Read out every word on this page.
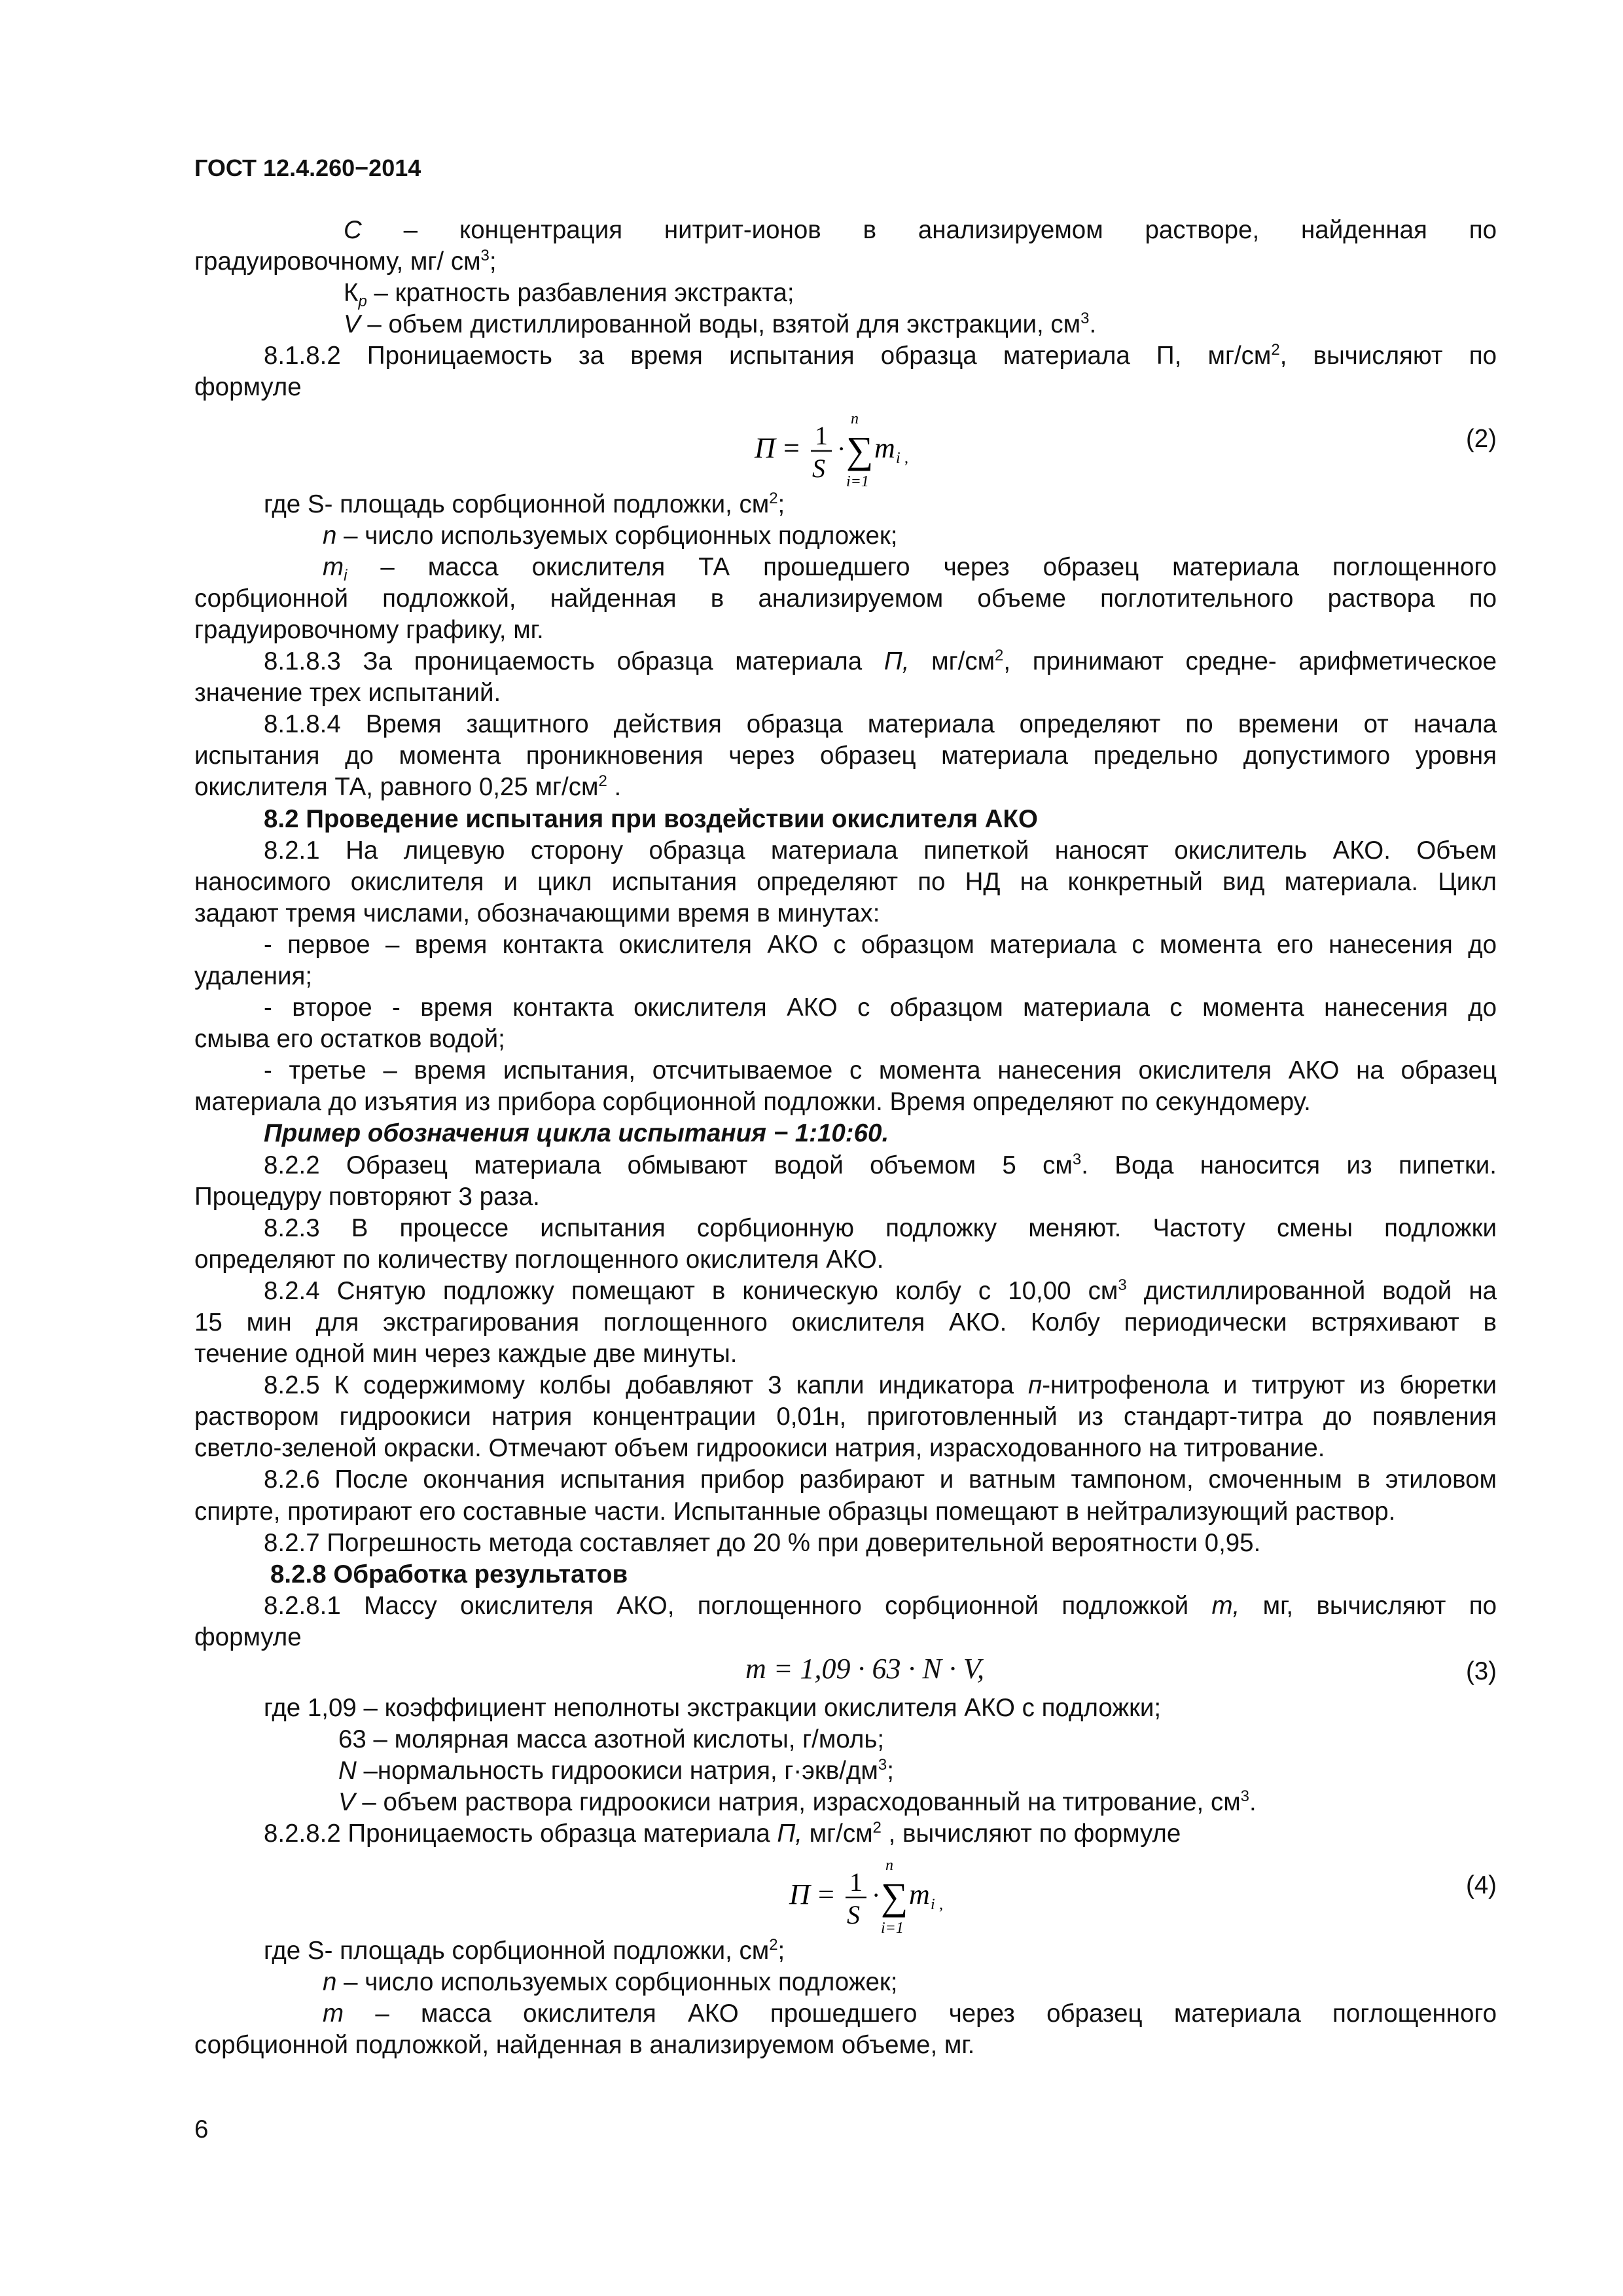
ГОСТ 12.4.260−2014

С – концентрация нитрит-ионов в анализируемом растворе, найденная по

градуировочному, мг/ $см^3$;

$К_р$ – кратность разбавления экстракта;

V – объем дистиллированной воды, взятой для экстракции, $см^3$.

8.1.8.2 Проницаемость за время испытания образца материала П, $мг/см^2$, вычисляют по

формуле

П = 1
S
·
n
∑
i=1
m i ,
(2)

где S- площадь сорбционной подложки, $см^2$;

n – число используемых сорбционных подложек;

$m_i$ – масса окислителя ТА прошедшего через образец материала поглощенного

сорбционной подложкой, найденная в анализируемом объеме поглотительного раствора по

градуировочному графику, мг.

8.1.8.3 За проницаемость образца материала П, $мг/см^2$, принимают средне- арифметическое

значение трех испытаний.

8.1.8.4 Время защитного действия образца материала определяют по времени от начала

испытания до момента проникновения через образец материала предельно допустимого уровня

окислителя ТА, равного 0,25 $мг/см^2$ .

8.2 Проведение испытания при воздействии окислителя АКО

8.2.1 На лицевую сторону образца материала пипеткой наносят окислитель АКО. Объем

наносимого окислителя и цикл испытания определяют по НД на конкретный вид материала. Цикл

задают тремя числами, обозначающими время в минутах:

- первое – время контакта окислителя АКО с образцом материала с момента его нанесения до

удаления;

- второе - время контакта окислителя АКО с образцом материала с момента нанесения до

смыва его остатков водой;

- третье – время испытания, отсчитываемое с момента нанесения окислителя АКО на образец

материала до изъятия из прибора сорбционной подложки. Время определяют по секундомеру.

Пример обозначения цикла испытания − 1:10:60.

8.2.2 Образец материала обмывают водой объемом 5 $см^3$. Вода наносится из пипетки.

Процедуру повторяют 3 раза.

8.2.3 В процессе испытания сорбционную подложку меняют. Частоту смены подложки

определяют по количеству поглощенного окислителя АКО.

8.2.4 Снятую подложку помещают в коническую колбу с 10,00 $см^3$ дистиллированной водой на

15 мин для экстрагирования поглощенного окислителя АКО. Колбу периодически встряхивают в

течение одной мин через каждые две минуты.

8.2.5 К содержимому колбы добавляют 3 капли индикатора п-нитрофенола и титруют из бюретки

раствором гидроокиси натрия концентрации 0,01н, приготовленный из стандарт-титра до появления

светло-зеленой окраски. Отмечают объем гидроокиси натрия, израсходованного на титрование.

8.2.6 После окончания испытания прибор разбирают и ватным тампоном, смоченным в этиловом

спирте, протирают его составные части. Испытанные образцы помещают в нейтрализующий раствор.

8.2.7 Погрешность метода составляет до 20 % при доверительной вероятности 0,95.

8.2.8 Обработка результатов

8.2.8.1 Массу окислителя АКО, поглощенного сорбционной подложкой m, мг, вычисляют по

формуле

m = 1,09 · 63 · N · V,	(3)

где 1,09 – коэффициент неполноты экстракции окислителя АКО с подложки;

63 – молярная масса азотной кислоты, г/моль;

N –нормальность гидроокиси натрия, $г\cdot экв/дм^3$;

V – объем раствора гидроокиси натрия, израсходованный на титрование, $см^3$.

8.2.8.2 Проницаемость образца материала П, $мг/см^2$ , вычисляют по формуле

П = 1
S
·
n
∑
i=1
m i ,
(4)

где S- площадь сорбционной подложки, $см^2$;

n – число используемых сорбционных подложек;

m – масса окислителя АКО прошедшего через образец материала поглощенного

сорбционной подложкой, найденная в анализируемом объеме, мг.

6
